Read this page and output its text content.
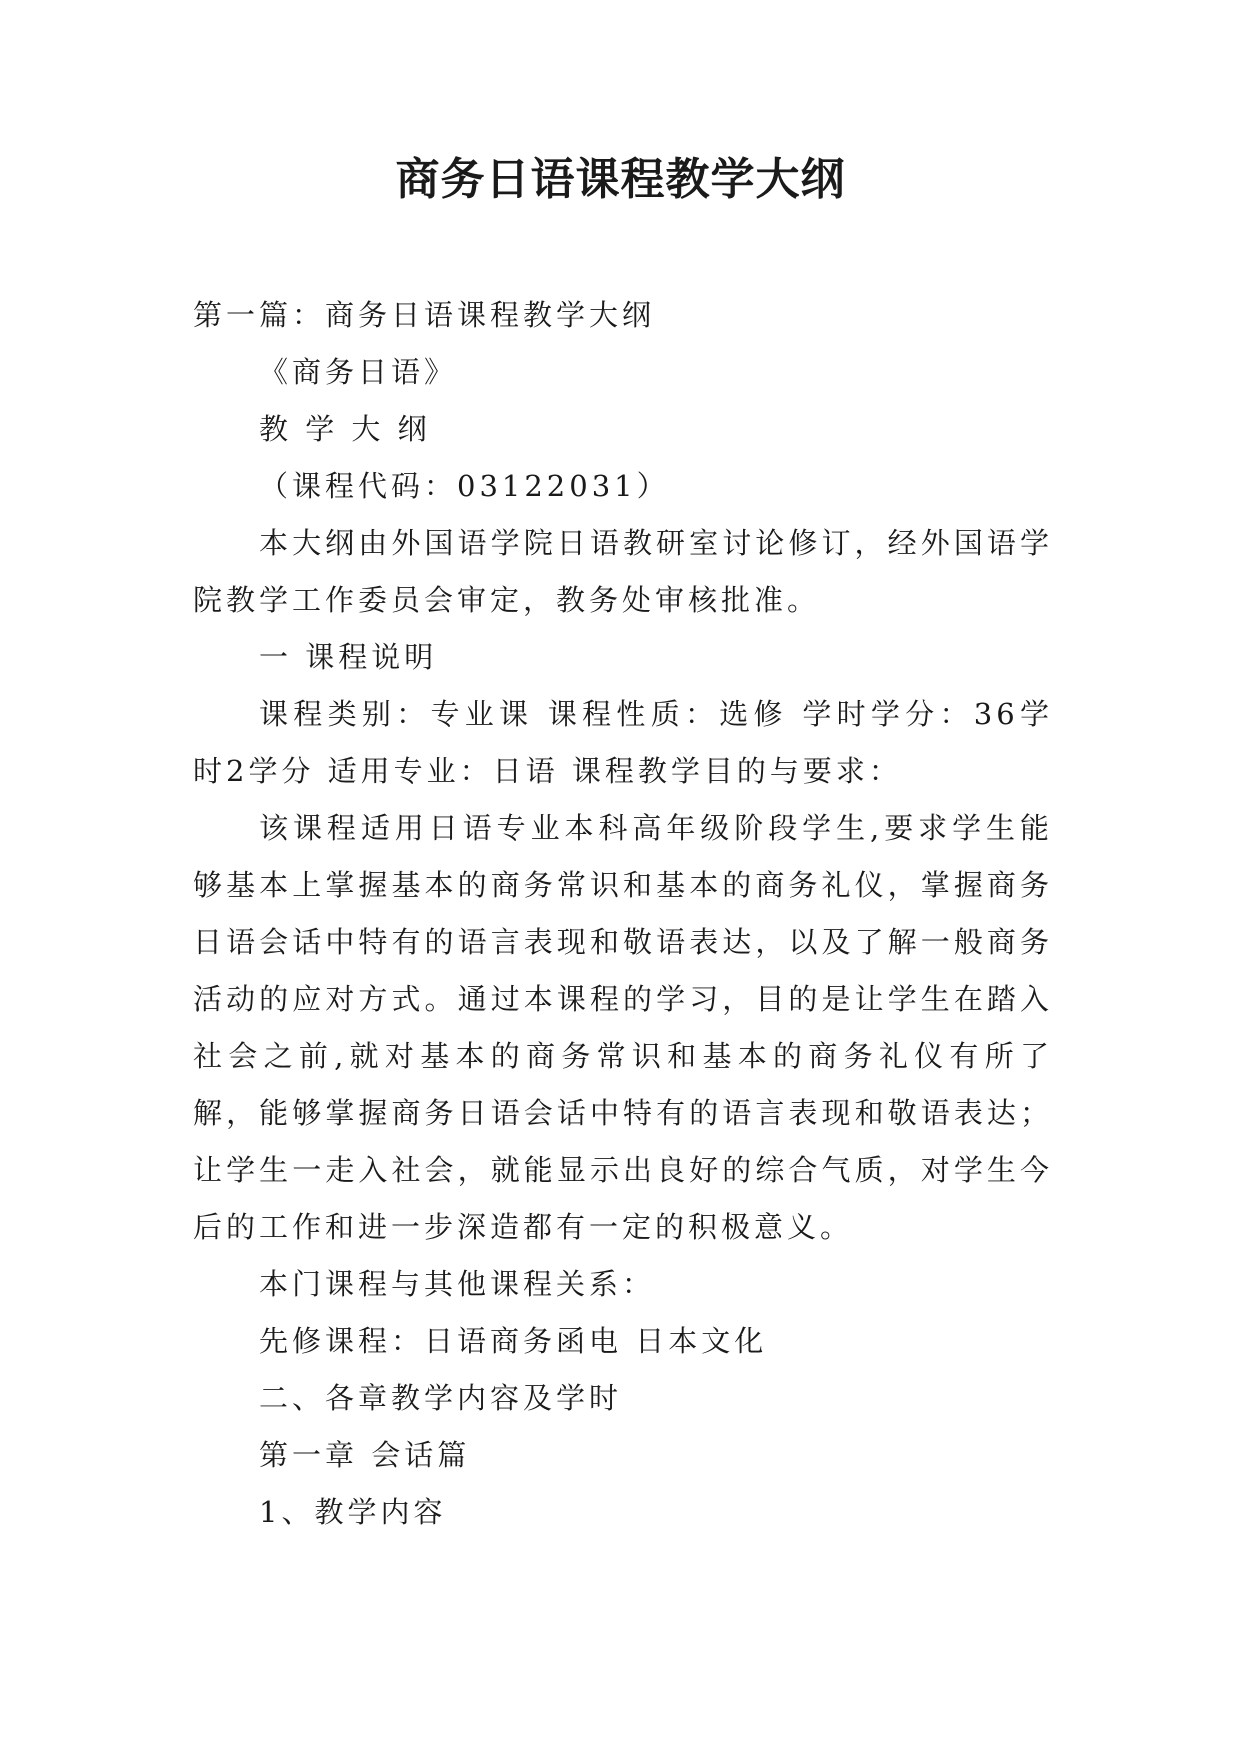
商务日语课程教学大纲

第一篇：商务日语课程教学大纲

《商务日语》

教 学 大 纲

（课程代码：03122031）

本大纲由外国语学院日语教研室讨论修订，经外国语学院教学工作委员会审定，教务处审核批准。

一 课程说明

课程类别：专业课 课程性质：选修 学时学分：36学时2学分 适用专业：日语 课程教学目的与要求：

该课程适用日语专业本科高年级阶段学生,要求学生能够基本上掌握基本的商务常识和基本的商务礼仪，掌握商务日语会话中特有的语言表现和敬语表达，以及了解一般商务活动的应对方式。通过本课程的学习，目的是让学生在踏入社会之前,就对基本的商务常识和基本的商务礼仪有所了解，能够掌握商务日语会话中特有的语言表现和敬语表达；让学生一走入社会，就能显示出良好的综合气质，对学生今后的工作和进一步深造都有一定的积极意义。

本门课程与其他课程关系：

先修课程：日语商务函电 日本文化

二、各章教学内容及学时

第一章 会话篇

1、教学内容
